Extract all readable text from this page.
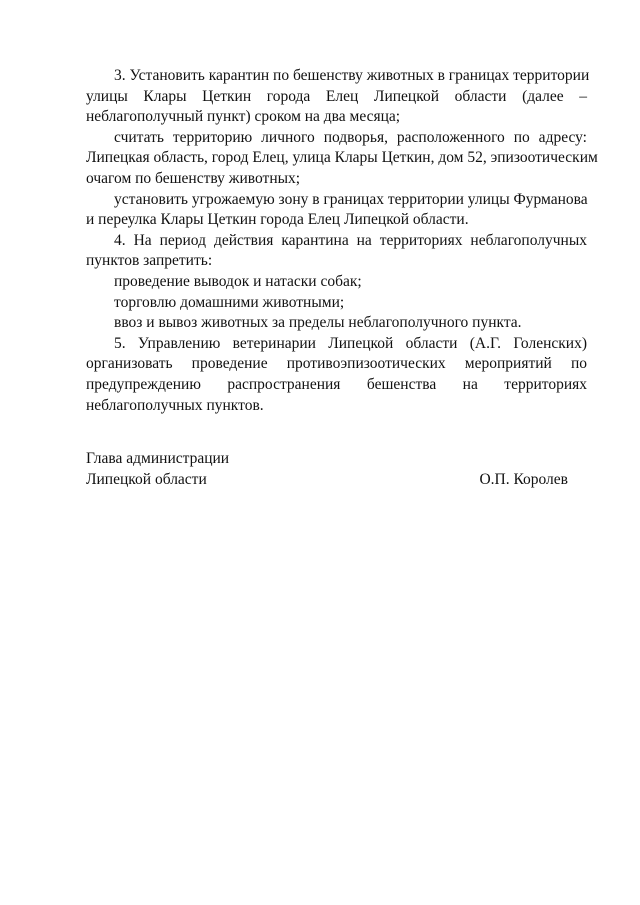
3. Установить карантин по бешенству животных в границах территории
улицы Клары Цеткин города Елец Липецкой области (далее –
неблагополучный пункт) сроком на два месяца;
считать территорию личного подворья, расположенного по адресу:
Липецкая область, город Елец, улица Клары Цеткин, дом 52, эпизоотическим
очагом по бешенству животных;
установить угрожаемую зону в границах территории улицы Фурманова
и переулка Клары Цеткин города Елец Липецкой области.
4. На период действия карантина на территориях неблагополучных
пунктов запретить:
проведение выводок и натаски собак;
торговлю домашними животными;
ввоз и вывоз животных за пределы неблагополучного пункта.
5. Управлению ветеринарии Липецкой области (А.Г. Голенских)
организовать проведение противоэпизоотических мероприятий по
предупреждению распространения бешенства на территориях
неблагополучных пунктов.
Глава администрации
Липецкой области	О.П. Королев
